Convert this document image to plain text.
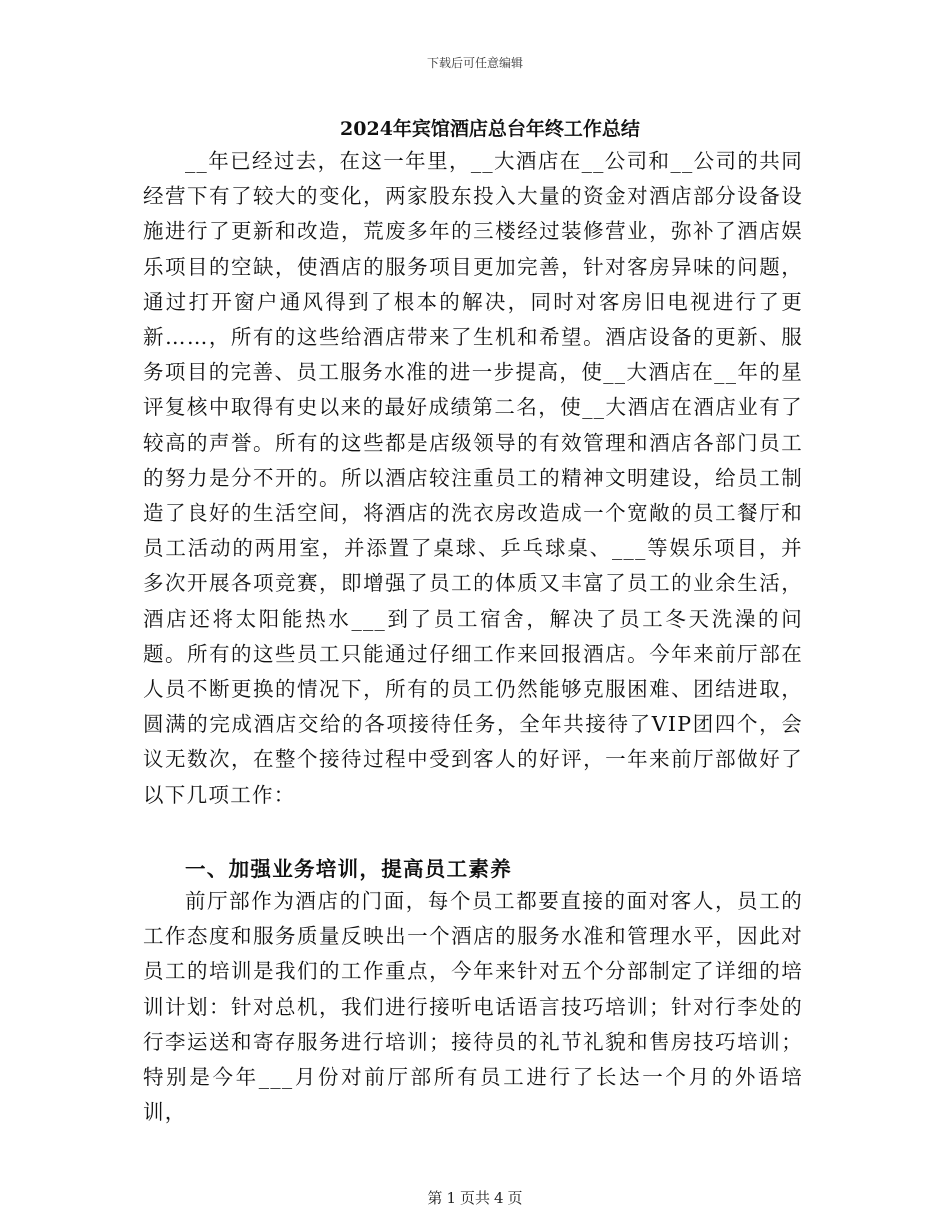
下载后可任意编辑
2024年宾馆酒店总台年终工作总结

__年已经过去，在这一年里，__大酒店在__公司和__公司的共同经营下有了较大的变化，两家股东投入大量的资金对酒店部分设备设施进行了更新和改造，荒废多年的三楼经过装修营业，弥补了酒店娱乐项目的空缺，使酒店的服务项目更加完善，针对客房异味的问题，通过打开窗户通风得到了根本的解决，同时对客房旧电视进行了更新……，所有的这些给酒店带来了生机和希望。酒店设备的更新、服务项目的完善、员工服务水准的进一步提高，使__大酒店在__年的星评复核中取得有史以来的最好成绩第二名，使__大酒店在酒店业有了较高的声誉。所有的这些都是店级领导的有效管理和酒店各部门员工的努力是分不开的。所以酒店较注重员工的精神文明建设，给员工制造了良好的生活空间，将酒店的洗衣房改造成一个宽敞的员工餐厅和员工活动的两用室，并添置了桌球、乒乓球桌、___等娱乐项目，并多次开展各项竞赛，即增强了员工的体质又丰富了员工的业余生活，酒店还将太阳能热水___到了员工宿舍，解决了员工冬天洗澡的问题。所有的这些员工只能通过仔细工作来回报酒店。今年来前厅部在人员不断更换的情况下，所有的员工仍然能够克服困难、团结进取，圆满的完成酒店交给的各项接待任务，全年共接待了VIP团四个，会议无数次，在整个接待过程中受到客人的好评，一年来前厅部做好了以下几项工作：

一、加强业务培训，提高员工素养

前厅部作为酒店的门面，每个员工都要直接的面对客人，员工的工作态度和服务质量反映出一个酒店的服务水准和管理水平，因此对员工的培训是我们的工作重点，今年来针对五个分部制定了详细的培训计划：针对总机，我们进行接听电话语言技巧培训；针对行李处的行李运送和寄存服务进行培训；接待员的礼节礼貌和售房技巧培训；特别是今年___月份对前厅部所有员工进行了长达一个月的外语培训，

第 1 页共 4 页
